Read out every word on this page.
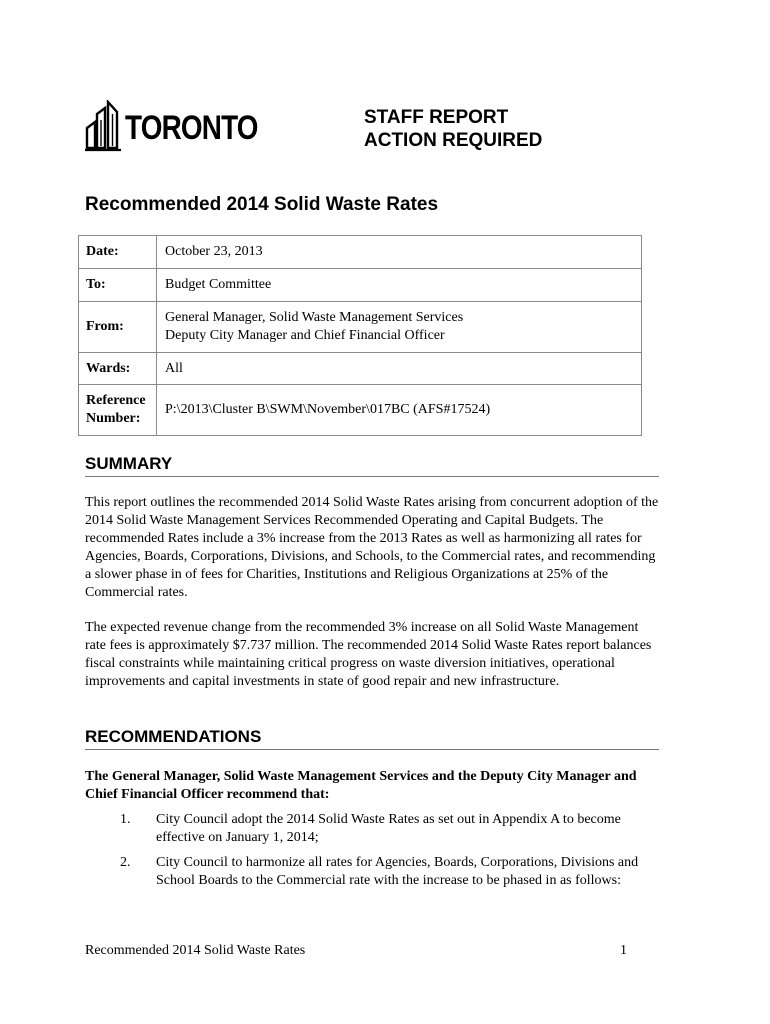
TORONTO	STAFF REPORT
ACTION REQUIRED
Recommended 2014 Solid Waste Rates
Date:	October 23, 2013
To:	Budget Committee
From:	General Manager, Solid Waste Management Services
Deputy City Manager and Chief Financial Officer

Wards:	All

Reference
Number:	P:\2013\Cluster B\SWM\November\017BC (AFS#17524)
SUMMARY

This report outlines the recommended 2014 Solid Waste Rates arising from concurrent adoption of the 2014 Solid Waste Management Services Recommended Operating and Capital Budgets. The recommended Rates include a 3% increase from the 2013 Rates as well as harmonizing all rates for Agencies, Boards, Corporations, Divisions, and Schools, to the Commercial rates, and recommending a slower phase in of fees for Charities, Institutions and Religious Organizations at 25% of the Commercial rates.

The expected revenue change from the recommended 3% increase on all Solid Waste Management rate fees is approximately $7.737 million. The recommended 2014 Solid Waste Rates report balances fiscal constraints while maintaining critical progress on waste diversion initiatives, operational improvements and capital investments in state of good repair and new infrastructure.

RECOMMENDATIONS

The General Manager, Solid Waste Management Services and the Deputy City Manager and Chief Financial Officer recommend that:

1. City Council adopt the 2014 Solid Waste Rates as set out in Appendix A to become effective on January 1, 2014;
2. City Council to harmonize all rates for Agencies, Boards, Corporations, Divisions and School Boards to the Commercial rate with the increase to be phased in as follows:
Recommended 2014 Solid Waste Rates	1
